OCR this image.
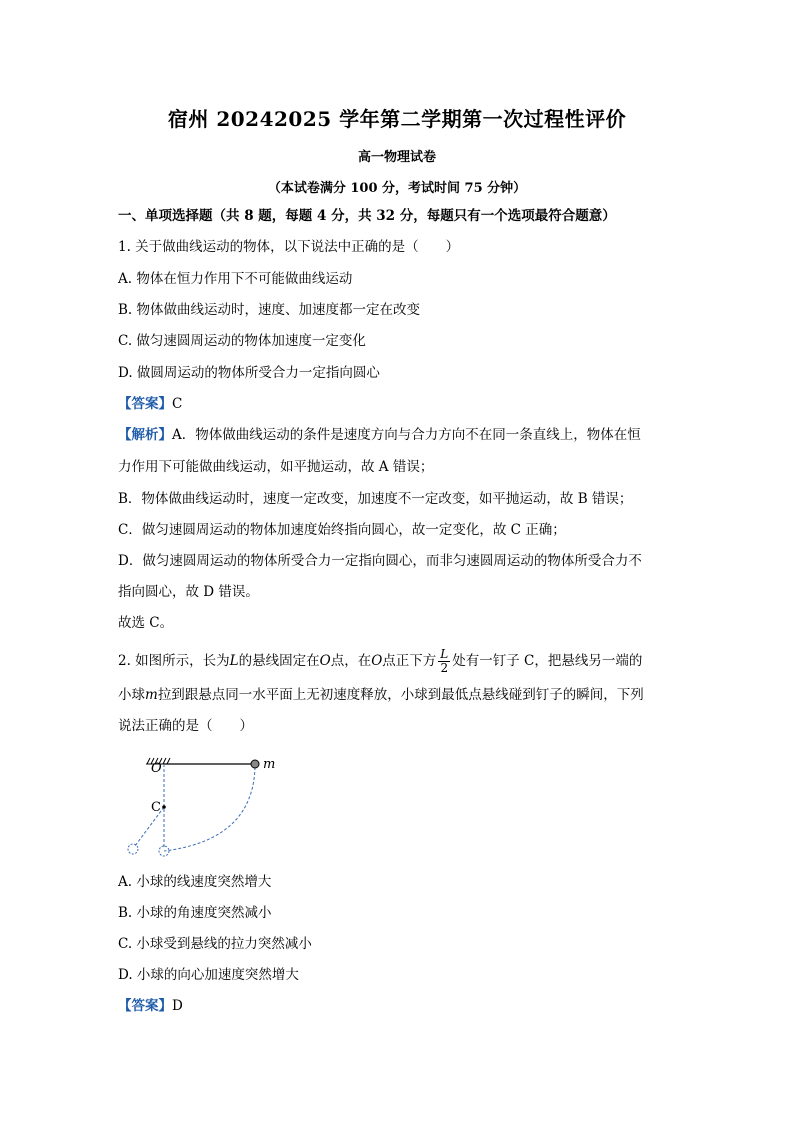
宿州 20242025 学年第二学期第一次过程性评价
高一物理试卷
（本试卷满分 100 分，考试时间 75 分钟）
一、单项选择题（共 8 题，每题 4 分，共 32 分，每题只有一个选项最符合题意）
1. 关于做曲线运动的物体，以下说法中正确的是（　　）
A. 物体在恒力作用下不可能做曲线运动
B. 物体做曲线运动时，速度、加速度都一定在改变
C. 做匀速圆周运动的物体加速度一定变化
D. 做圆周运动的物体所受合力一定指向圆心
【答案】C
【解析】A．物体做曲线运动的条件是速度方向与合力方向不在同一条直线上，物体在恒
力作用下可能做曲线运动，如平抛运动，故 A 错误；
B．物体做曲线运动时，速度一定改变，加速度不一定改变，如平抛运动，故 B 错误；
C．做匀速圆周运动的物体加速度始终指向圆心，故一定变化，故 C 正确；
D．做匀速圆周运动的物体所受合力一定指向圆心，而非匀速圆周运动的物体所受合力不
指向圆心，故 D 错误。
故选 C。
2. 如图所示，长为L的悬线固定在O点，在O点正下方 $\frac{L}{2}$ 处有一钉子 C，把悬线另一端的
小球m拉到跟悬点同一水平面上无初速度释放，小球到最低点悬线碰到钉子的瞬间，下列
说法正确的是（　　）
O
C
m
A. 小球的线速度突然增大
B. 小球的角速度突然减小
C. 小球受到悬线的拉力突然减小
D. 小球的向心加速度突然增大
【答案】D
